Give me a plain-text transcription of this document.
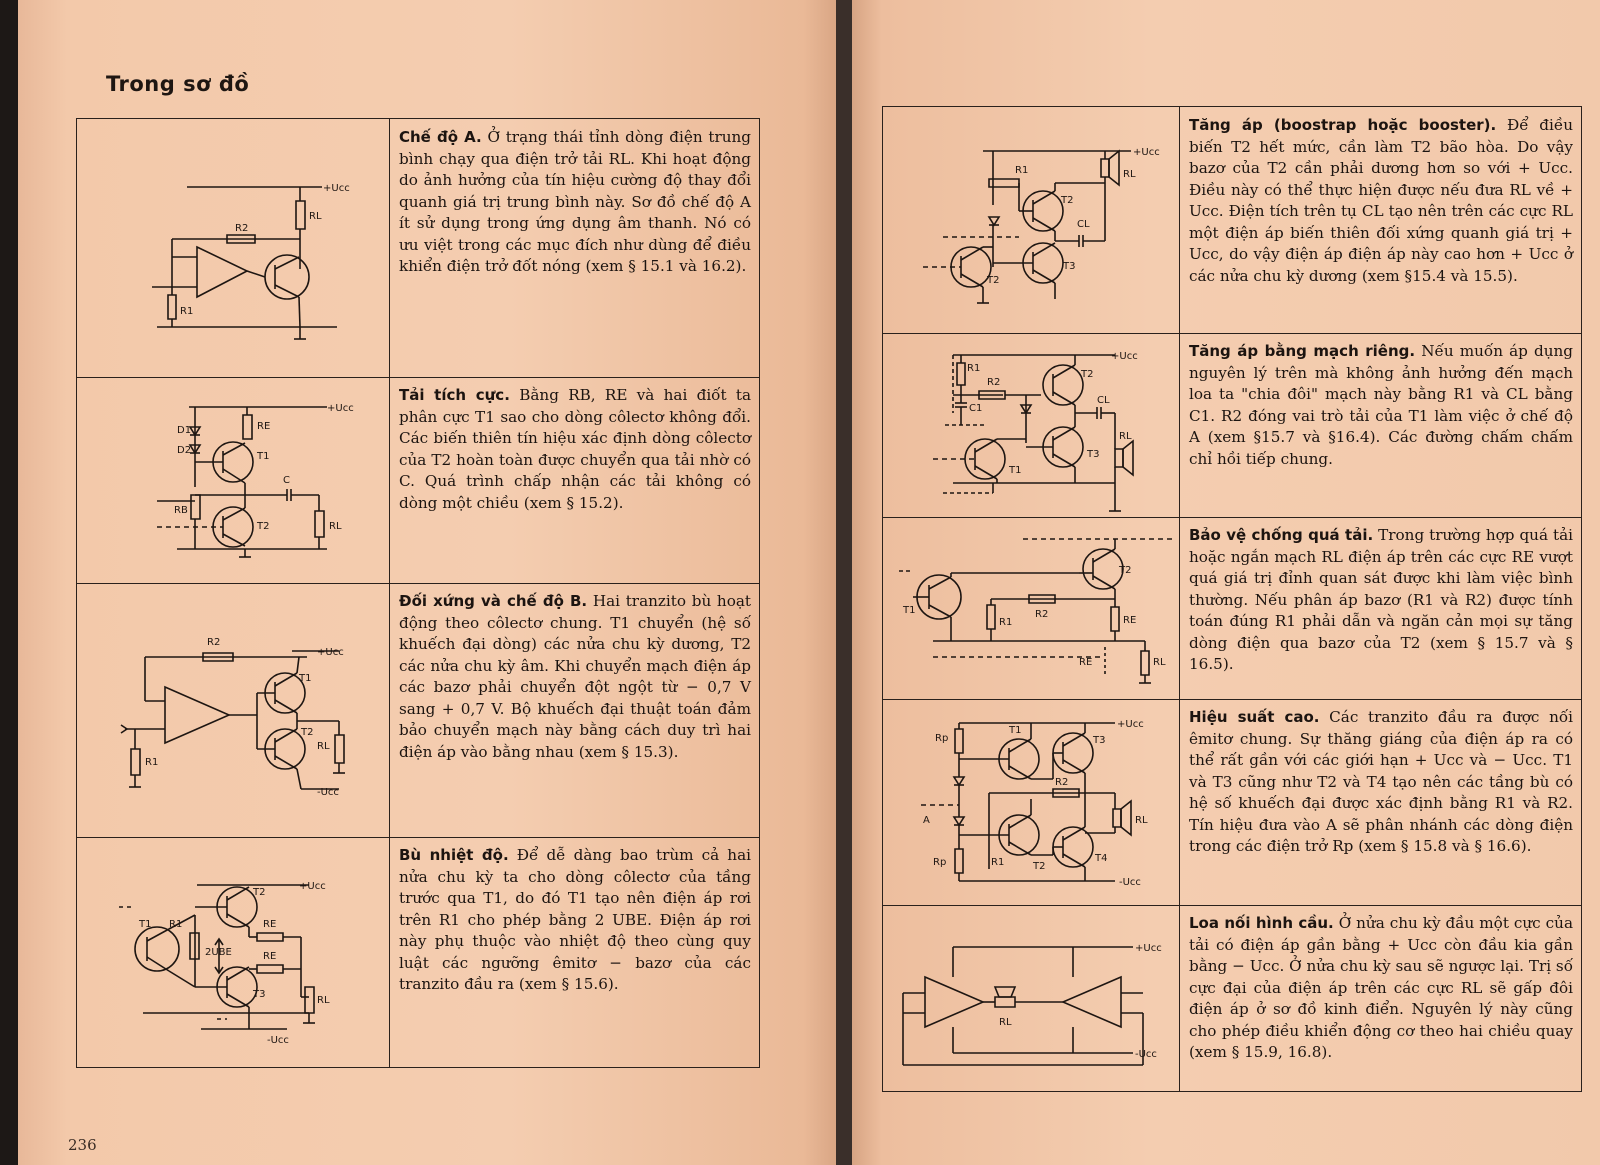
Trong sơ đồ
+Ucc
RL
R2
R1
Chế độ A. Ở trạng thái tỉnh dòng điện trung bình chạy qua điện trở tải RL. Khi hoạt động do ảnh hưởng của tín hiệu cường độ thay đổi quanh giá trị trung bình này. Sơ đồ chế độ A ít sử dụng trong ứng dụng âm thanh. Nó có ưu việt trong các mục đích như dùng để điều khiển điện trở đốt nóng (xem § 15.1 và 16.2).
+Ucc
D1
D2
RE
T1
C
RB
T2	RL
Tải tích cực. Bằng RB, RE và hai điốt ta phân cực T1 sao cho dòng côlectơ không đổi. Các biến thiên tín hiệu xác định dòng côlectơ của T2 hoàn toàn được chuyển qua tải nhờ có C. Quá trình chấp nhận các tải không có dòng một chiều (xem § 15.2).
R2
+Ucc
T1
T2
RL
R1
-Ucc
Đối xứng và chế độ B. Hai tranzito bù hoạt động theo côlectơ chung. T1 chuyển (hệ số khuếch đại dòng) các nửa chu kỳ dương, T2 các nửa chu kỳ âm. Khi chuyển mạch điện áp các bazơ phải chuyển đột ngột từ − 0,7 V sang + 0,7 V. Bộ khuếch đại thuật toán đảm bảo chuyển mạch này bằng cách duy trì hai điện áp vào bằng nhau (xem § 15.3).
+Ucc
T2
T1 R1	RE
2UBE	RE
T3
RL
-Ucc
Bù nhiệt độ. Để dễ dàng bao trùm cả hai nửa chu kỳ ta cho dòng côlectơ của tầng trước qua T1, do đó T1 tạo nên điện áp rơi trên R1 cho phép bằng 2 UBE. Điện áp rơi này phụ thuộc vào nhiệt độ theo cùng quy luật các ngưỡng êmitơ − bazơ của các tranzito đầu ra (xem § 15.6).
236
+Ucc
R1	RL
T2
CL
T3
T2
Tăng áp (boostrap hoặc booster). Để điều biến T2 hết mức, cần làm T2 bão hòa. Do vậy bazơ của T2 cần phải dương hơn so với + Ucc. Điều này có thể thực hiện được nếu đưa RL về + Ucc. Điện tích trên tụ CL tạo nên trên các cực RL một điện áp biến thiên đối xứng quanh giá trị + Ucc, do vậy điện áp điện áp này cao hơn + Ucc ở các nửa chu kỳ dương (xem §15.4 và 15.5).
+Ucc
R1
R2
T2
C1
CL
RL
T1
T3
Tăng áp bằng mạch riêng. Nếu muốn áp dụng nguyên lý trên mà không ảnh hưởng đến mạch loa ta "chia đôi" mạch này bằng R1 và CL bằng C1. R2 đóng vai trò tải của T1 làm việc ở chế độ A (xem §15.7 và §16.4). Các đường chấm chấm chỉ hồi tiếp chung.
T2
T1
R1
R2
RE
RE	RL
Bảo vệ chống quá tải. Trong trường hợp quá tải hoặc ngắn mạch RL điện áp trên các cực RE vượt quá giá trị đỉnh quan sát được khi làm việc bình thường. Nếu phân áp bazơ (R1 và R2) được tính toán đúng R1 phải dẫn và ngăn cản mọi sự tăng dòng điện qua bazơ của T2 (xem § 15.7 và § 16.5).
Rp
T1
+Ucc
T3
R2
A	RL
Rp	R1	T2
T4
-Ucc
Hiệu suất cao. Các tranzito đầu ra được nối êmitơ chung. Sự thăng giáng của điện áp ra có thể rất gần với các giới hạn + Ucc và − Ucc. T1 và T3 cũng như T2 và T4 tạo nên các tầng bù có hệ số khuếch đại được xác định bằng R1 và R2. Tín hiệu đưa vào A sẽ phân nhánh các dòng điện trong các điện trở Rp (xem § 15.8 và § 16.6).
+Ucc
RL
-Ucc
Loa nối hình cầu. Ở nửa chu kỳ đầu một cực của tải có điện áp gần bằng + Ucc còn đầu kia gần bằng − Ucc. Ở nửa chu kỳ sau sẽ ngược lại. Trị số cực đại của điện áp trên các cực RL sẽ gấp đôi điện áp ở sơ đồ kinh điển. Nguyên lý này cũng cho phép điều khiển động cơ theo hai chiều quay (xem § 15.9, 16.8).
